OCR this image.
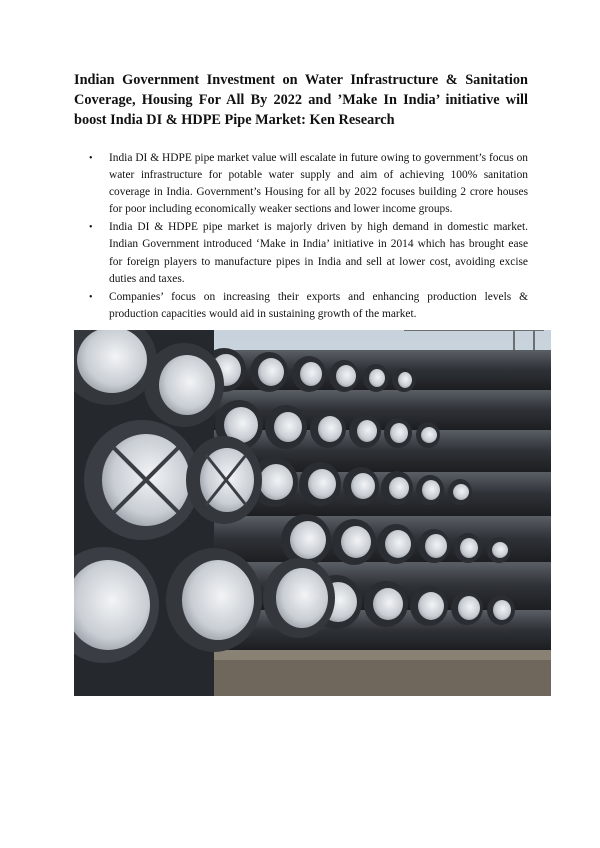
Indian Government Investment on Water Infrastructure & Sanitation Coverage, Housing For All By 2022 and ’Make In India’ initiative will boost India DI & HDPE Pipe Market: Ken Research

• India DI & HDPE pipe market value will escalate in future owing to government’s focus on water infrastructure for potable water supply and aim of achieving 100% sanitation coverage in India. Government’s Housing for all by 2022 focuses building 2 crore houses for poor including economically weaker sections and lower income groups.
• India DI & HDPE pipe market is majorly driven by high demand in domestic market. Indian Government introduced ‘Make in India’ initiative in 2014 which has brought ease for foreign players to manufacture pipes in India and sell at lower cost, avoiding excise duties and taxes.
• Companies’ focus on increasing their exports and enhancing production levels & production capacities would aid in sustaining growth of the market.
